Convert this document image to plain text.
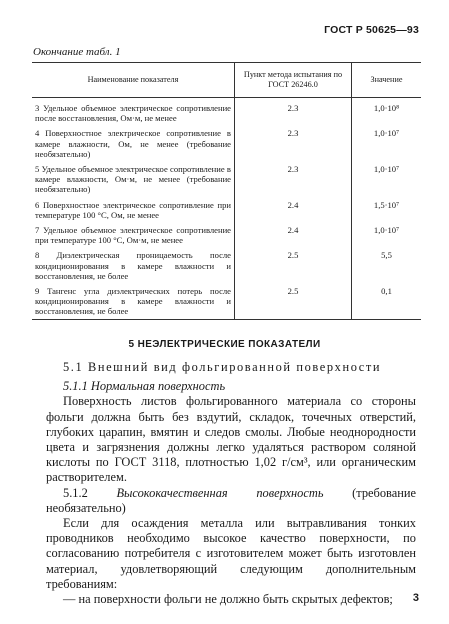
ГОСТ Р 50625—93
Окончание табл. 1
Наименование показателя	Пункт метода испытания по ГОСТ 26246.0	Значение
3 Удельное объемное электрическое сопротивление после восстановления, Ом·м, не менее	2.3	1,0·10⁸
4 Поверхностное электрическое сопротивление в камере влажности, Ом, не менее (требование необязательно)	2.3	1,0·10⁷
5 Удельное объемное электрическое сопротивление в камере влажности, Ом·м, не менее (требование необязательно)	2.3	1,0·10⁷
6 Поверхностное электрическое сопротивление при температуре 100 °С, Ом, не менее	2.4	1,5·10⁷
7 Удельное объемное электрическое сопротивление при температуре 100 °С, Ом·м, не менее	2.4	1,0·10⁷
8 Диэлектрическая проницаемость после кондиционирования в камере влажности и восстановления, не более	2.5	5,5
9 Тангенс угла диэлектрических потерь после кондиционирования в камере влажности и восстановления, не более	2.5	0,1
5 НЕЭЛЕКТРИЧЕСКИЕ ПОКАЗАТЕЛИ

5.1 Внешний вид фольгированной поверхности

5.1.1 Нормальная поверхность

Поверхность листов фольгированного материала со стороны фольги должна быть без вздутий, складок, точечных отверстий, глубоких царапин, вмятин и следов смолы. Любые неоднородности цвета и загрязнения должны легко удаляться раствором соляной кислоты по ГОСТ 3118, плотностью 1,02 г/см³, или органическим растворителем.

5.1.2 Высококачественная поверхность (требование необязательно)

Если для осаждения металла или вытравливания тонких проводников необходимо высокое качество поверхности, по согласованию потребителя с изготовителем может быть изготовлен материал, удовлетворяющий следующим дополнительным требованиям:

— на поверхности фольги не должно быть скрытых дефектов;	3
